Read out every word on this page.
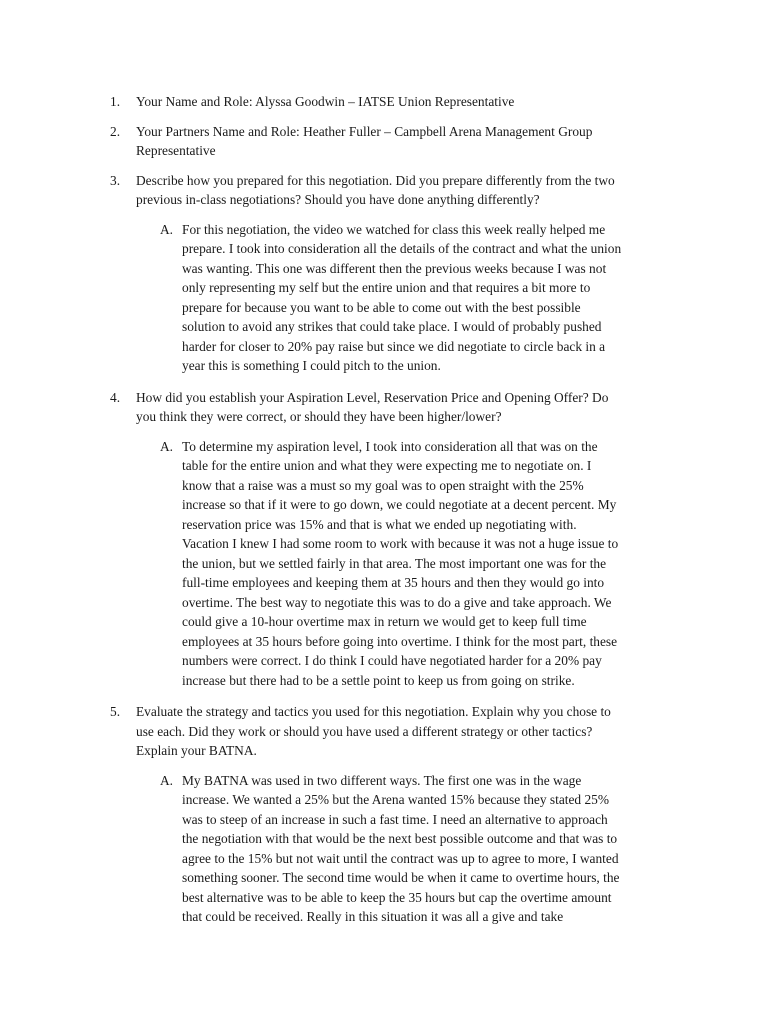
1.	Your Name and Role: Alyssa Goodwin – IATSE Union Representative
2.	Your Partners Name and Role: Heather Fuller – Campbell Arena Management Group
Representative
3.	Describe how you prepared for this negotiation. Did you prepare differently from the two
previous in-class negotiations? Should you have done anything differently?
A. For this negotiation, the video we watched for class this week really helped me
prepare. I took into consideration all the details of the contract and what the union
was wanting. This one was different then the previous weeks because I was not
only representing my self but the entire union and that requires a bit more to
prepare for because you want to be able to come out with the best possible
solution to avoid any strikes that could take place. I would of probably pushed
harder for closer to 20% pay raise but since we did negotiate to circle back in a
year this is something I could pitch to the union.
4.	How did you establish your Aspiration Level, Reservation Price and Opening Offer? Do
you think they were correct, or should they have been higher/lower?
A. To determine my aspiration level, I took into consideration all that was on the
table for the entire union and what they were expecting me to negotiate on. I
know that a raise was a must so my goal was to open straight with the 25%
increase so that if it were to go down, we could negotiate at a decent percent. My
reservation price was 15% and that is what we ended up negotiating with.
Vacation I knew I had some room to work with because it was not a huge issue to
the union, but we settled fairly in that area. The most important one was for the
full-time employees and keeping them at 35 hours and then they would go into
overtime. The best way to negotiate this was to do a give and take approach. We
could give a 10-hour overtime max in return we would get to keep full time
employees at 35 hours before going into overtime. I think for the most part, these
numbers were correct. I do think I could have negotiated harder for a 20% pay
increase but there had to be a settle point to keep us from going on strike.
5.	Evaluate the strategy and tactics you used for this negotiation. Explain why you chose to
use each. Did they work or should you have used a different strategy or other tactics?
Explain your BATNA.
A. My BATNA was used in two different ways. The first one was in the wage
increase. We wanted a 25% but the Arena wanted 15% because they stated 25%
was to steep of an increase in such a fast time. I need an alternative to approach
the negotiation with that would be the next best possible outcome and that was to
agree to the 15% but not wait until the contract was up to agree to more, I wanted
something sooner. The second time would be when it came to overtime hours, the
best alternative was to be able to keep the 35 hours but cap the overtime amount
that could be received. Really in this situation it was all a give and take
